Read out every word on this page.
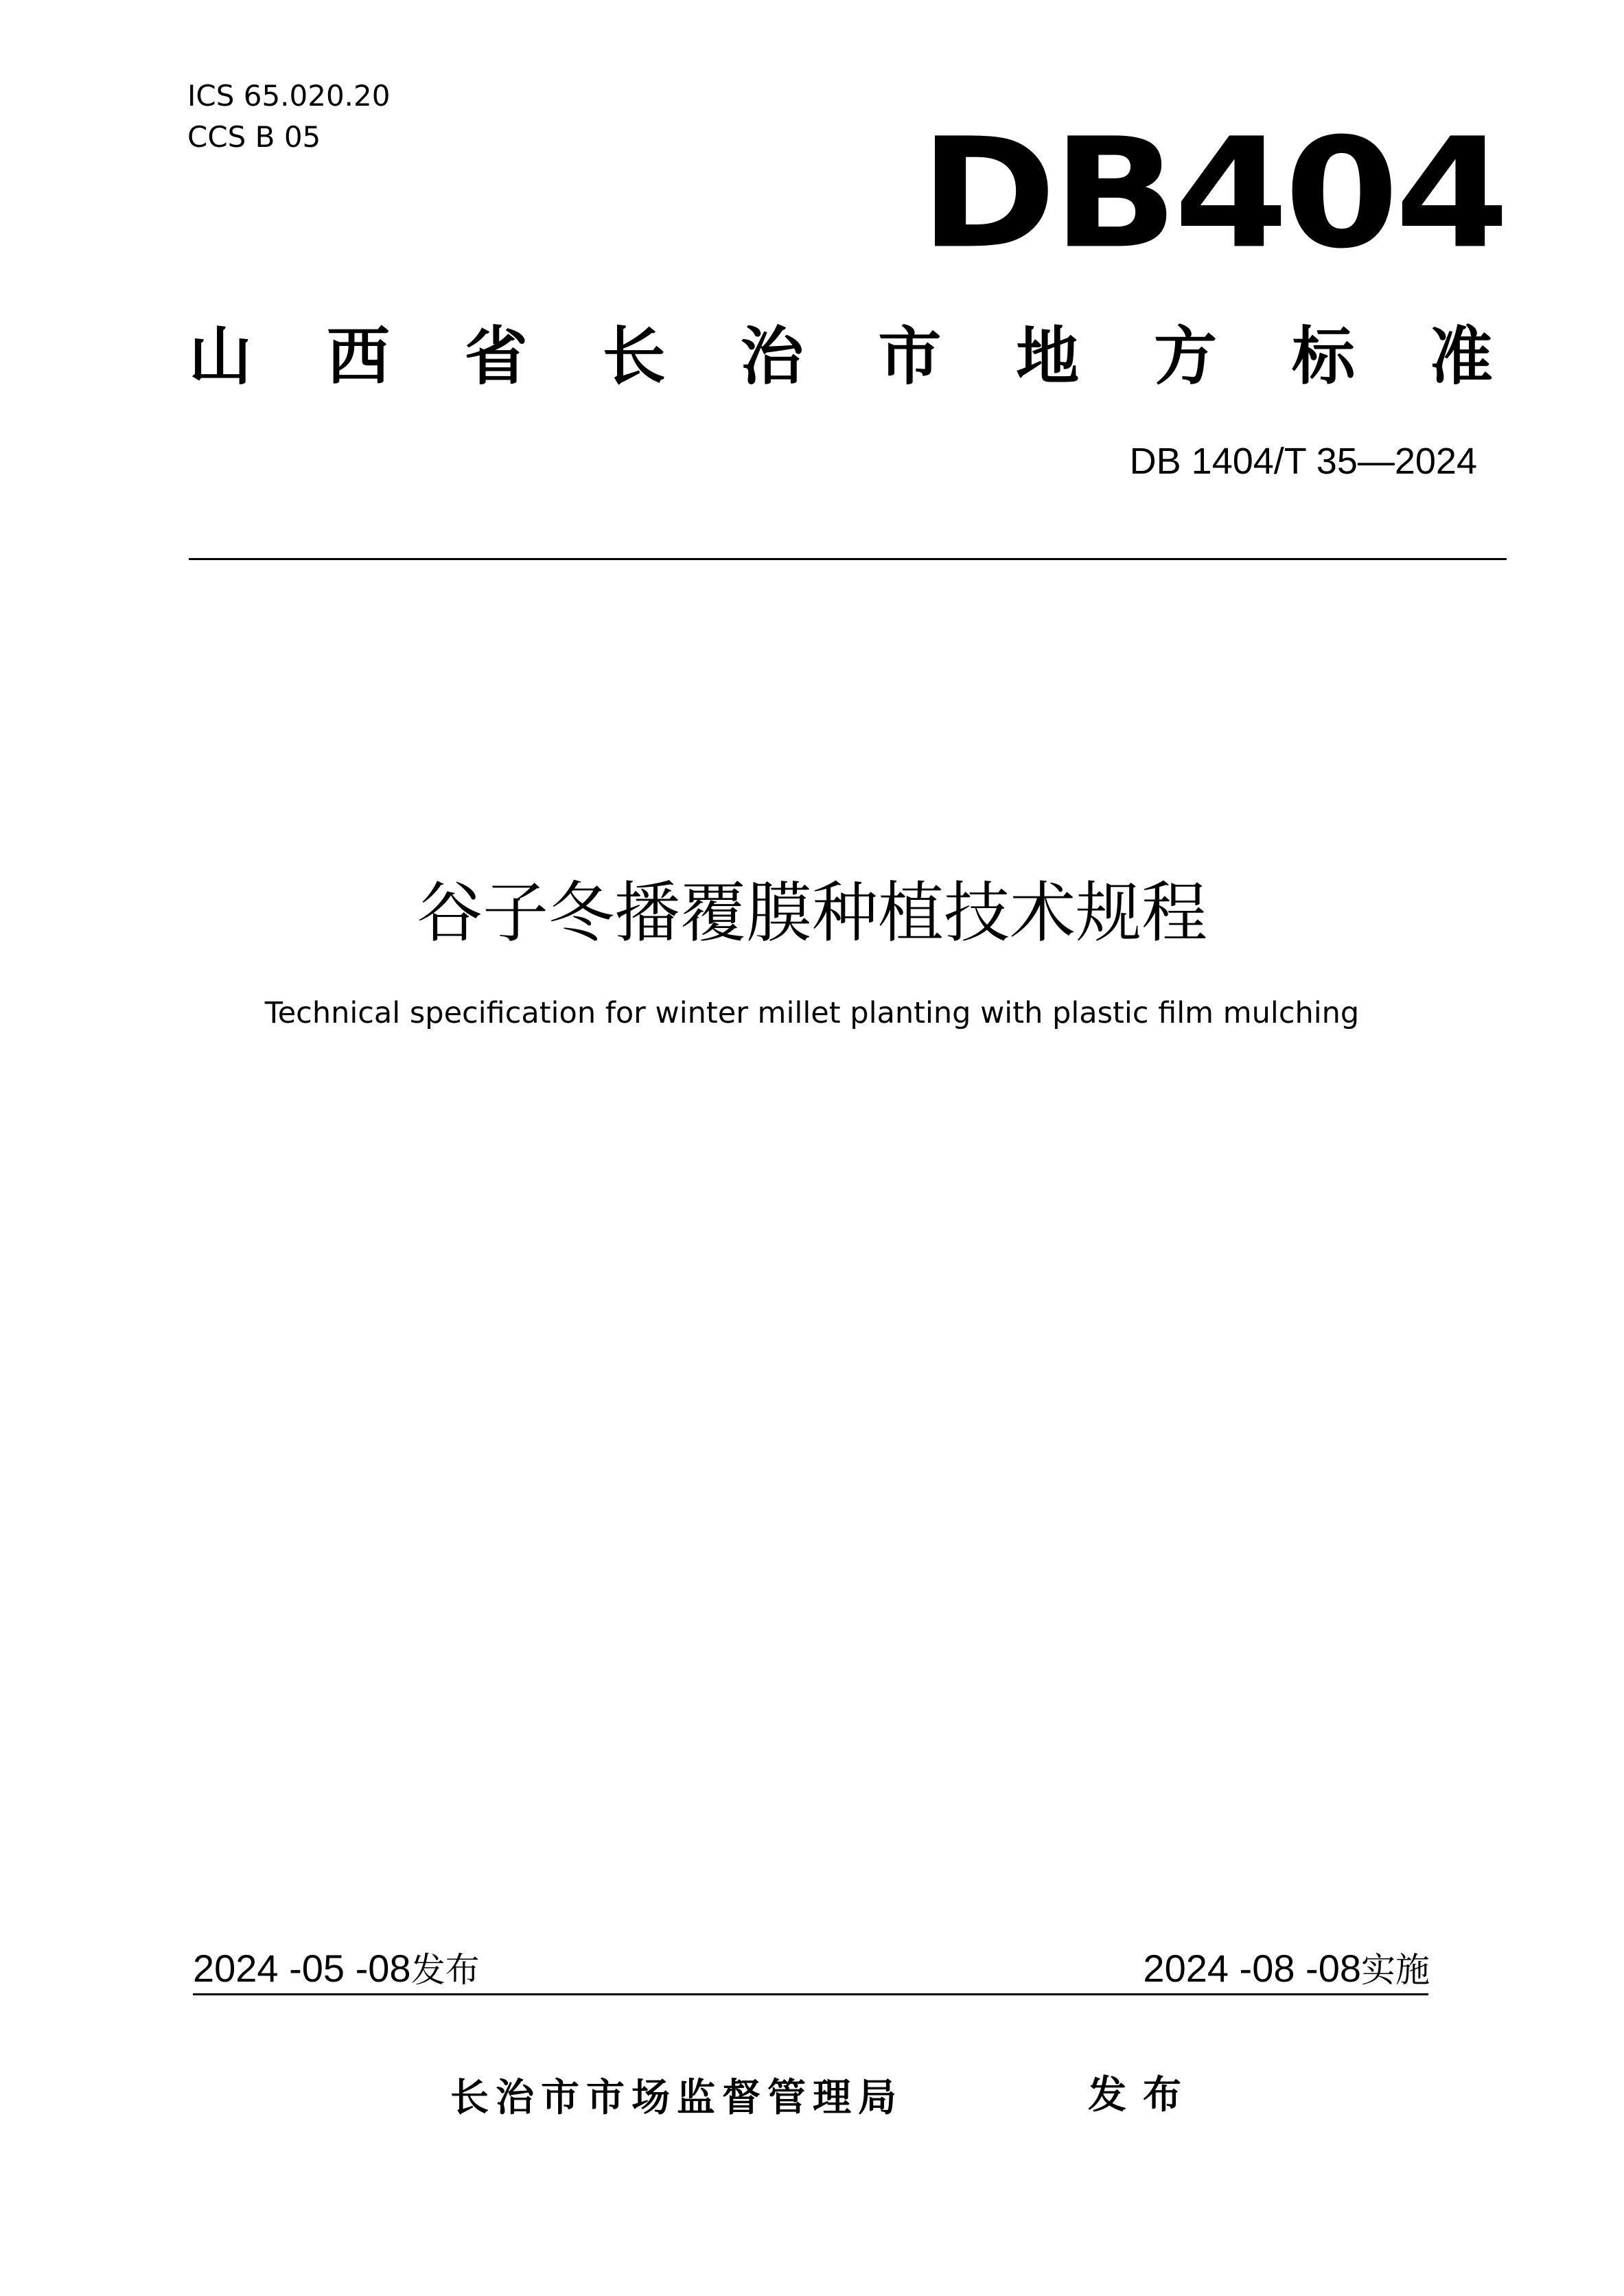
ICS 65.020.20
CCS B 05	DB404
山 西 省 长 治 市 地 方 标 准
DB 1404/T 35—2024
谷子冬播覆膜种植技术规程
Technical specification for winter millet planting with plastic film mulching
2024 -05 -08发布	2024 -08 -08实施
长治市市场监督管理局	发布
